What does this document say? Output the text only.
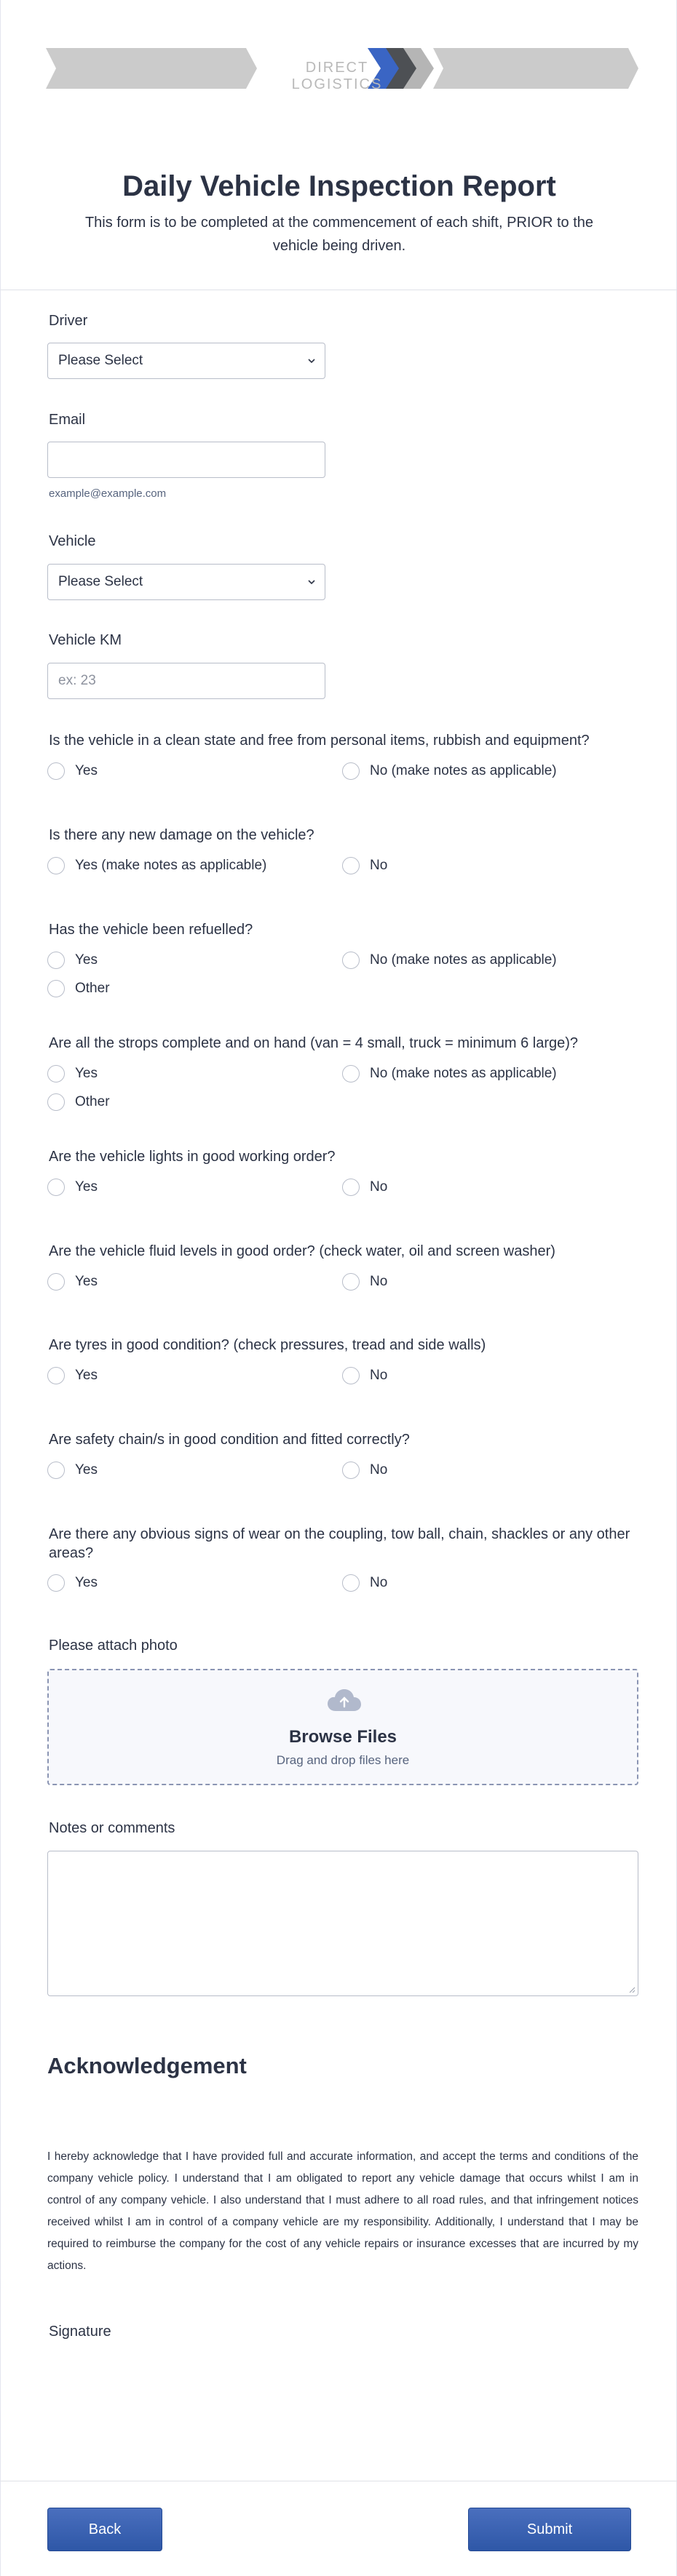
DIRECT LOGISTICS
Daily Vehicle Inspection Report
This form is to be completed at the commencement of each shift, PRIOR to the vehicle being driven.
Driver
Please Select
Email
example@example.com
Vehicle
Please Select
Vehicle KM
ex: 23
Is the vehicle in a clean state and free from personal items, rubbish and equipment?
Yes	No (make notes as applicable)
Is there any new damage on the vehicle?
Yes (make notes as applicable)	No
Has the vehicle been refuelled?
Yes	No (make notes as applicable)
Other
Are all the strops complete and on hand (van = 4 small, truck = minimum 6 large)?
Yes	No (make notes as applicable)
Other
Are the vehicle lights in good working order?
Yes	No
Are the vehicle fluid levels in good order? (check water, oil and screen washer)
Yes	No
Are tyres in good condition? (check pressures, tread and side walls)
Yes	No
Are safety chain/s in good condition and fitted correctly?
Yes	No
Are there any obvious signs of wear on the coupling, tow ball, chain, shackles or any other areas?
Yes	No
Please attach photo
Browse Files
Drag and drop files here
Notes or comments
Acknowledgement
I hereby acknowledge that I have provided full and accurate information, and accept the terms and conditions of the company vehicle policy. I understand that I am obligated to report any vehicle damage that occurs whilst I am in control of any company vehicle. I also understand that I must adhere to all road rules, and that infringement notices received whilst I am in control of a company vehicle are my responsibility. Additionally, I understand that I may be required to reimburse the company for the cost of any vehicle repairs or insurance excesses that are incurred by my actions.
Signature
Back	Submit
